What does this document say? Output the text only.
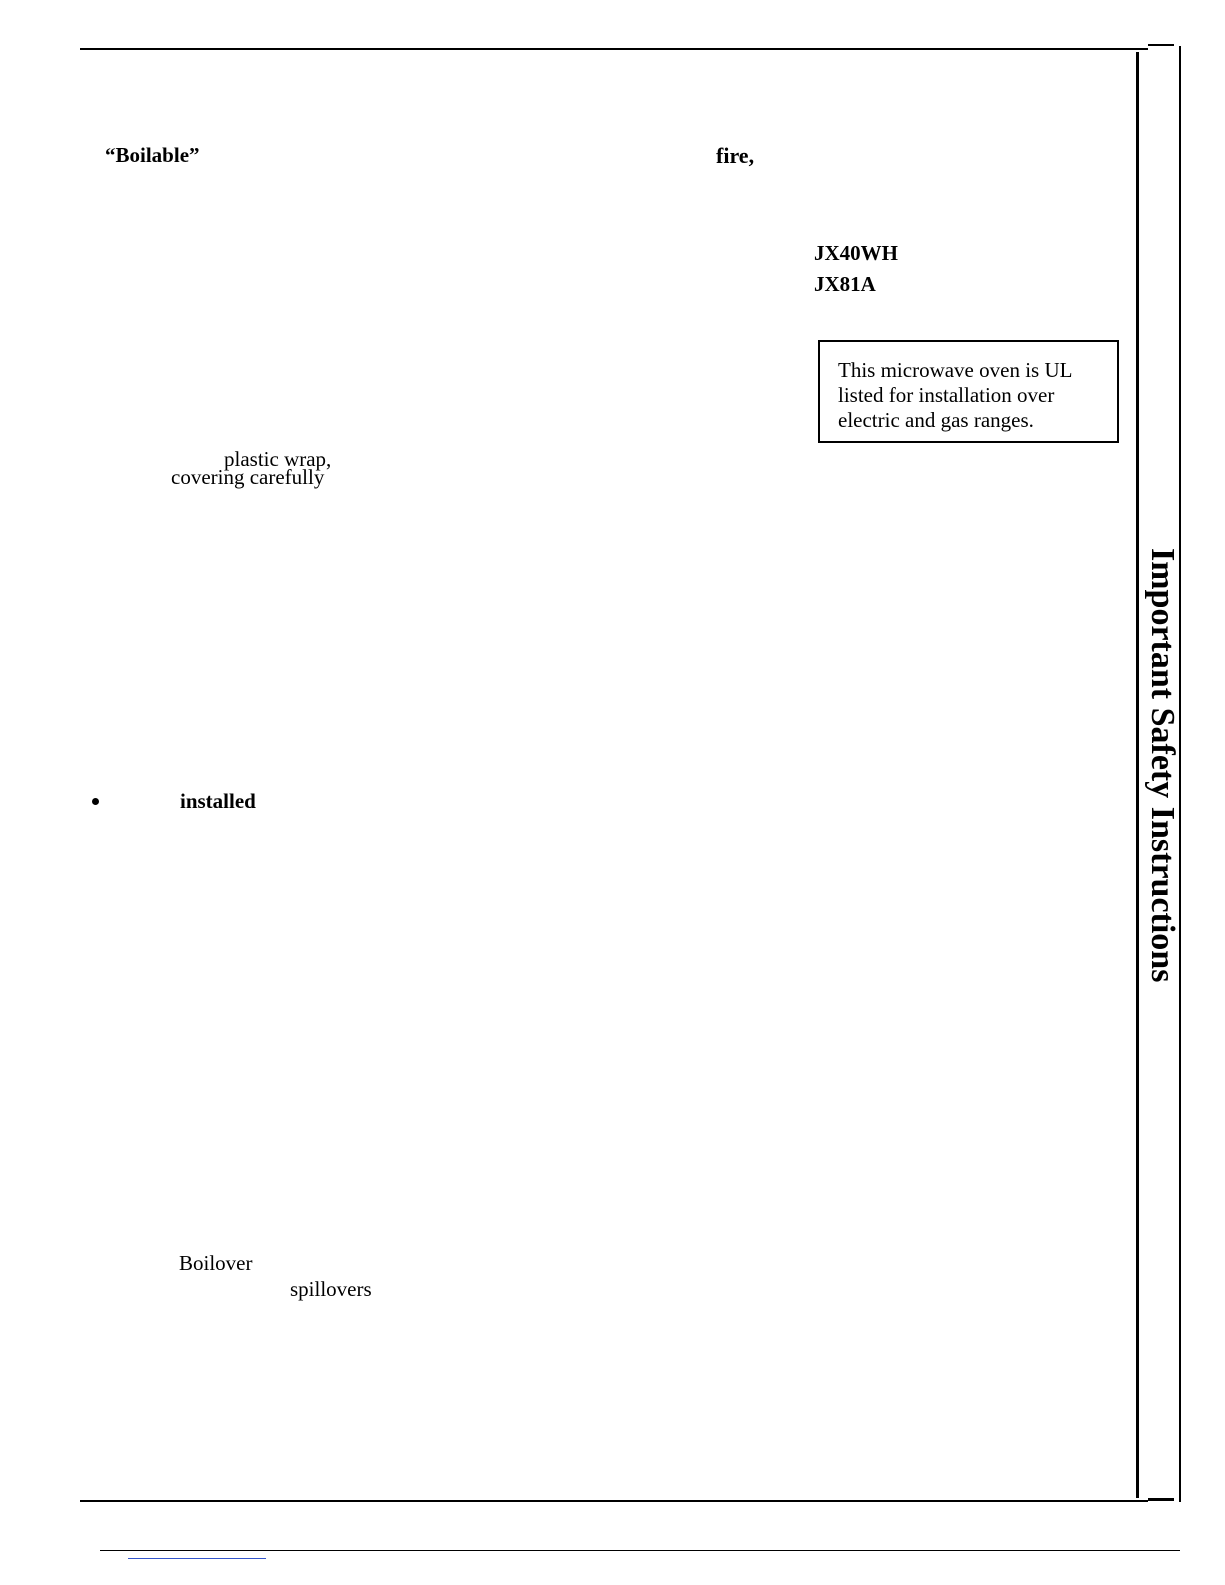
“Boilable”
plastic wrap,
covering carefully
installed
Boilover
spillovers
fire,
JX40WH
JX81A
This microwave oven is UL
listed for installation over
electric and gas ranges.
Important Safety Instructions
